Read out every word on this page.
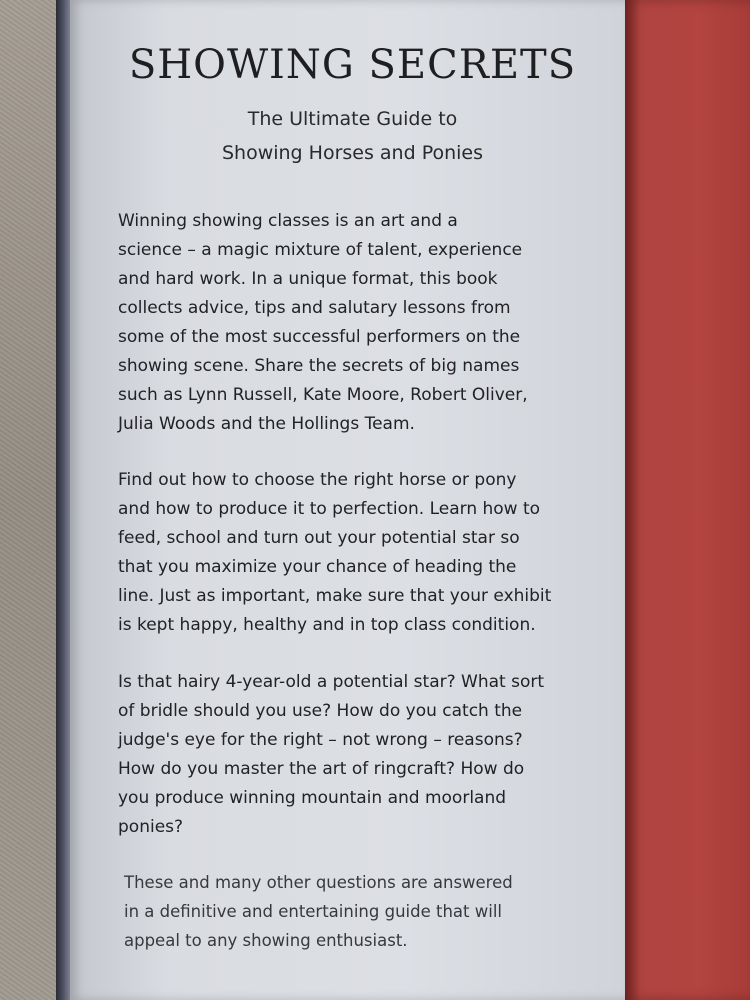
SHOWING SECRETS
The Ultimate Guide to
Showing Horses and Ponies
Winning showing classes is an art and a
science – a magic mixture of talent, experience
and hard work. In a unique format, this book
collects advice, tips and salutary lessons from
some of the most successful performers on the
showing scene. Share the secrets of big names
such as Lynn Russell, Kate Moore, Robert Oliver,
Julia Woods and the Hollings Team.
Find out how to choose the right horse or pony
and how to produce it to perfection. Learn how to
feed, school and turn out your potential star so
that you maximize your chance of heading the
line. Just as important, make sure that your exhibit
is kept happy, healthy and in top class condition.
Is that hairy 4-year-old a potential star? What sort
of bridle should you use? How do you catch the
judge's eye for the right – not wrong – reasons?
How do you master the art of ringcraft? How do
you produce winning mountain and moorland
ponies?
These and many other questions are answered
in a definitive and entertaining guide that will
appeal to any showing enthusiast.
